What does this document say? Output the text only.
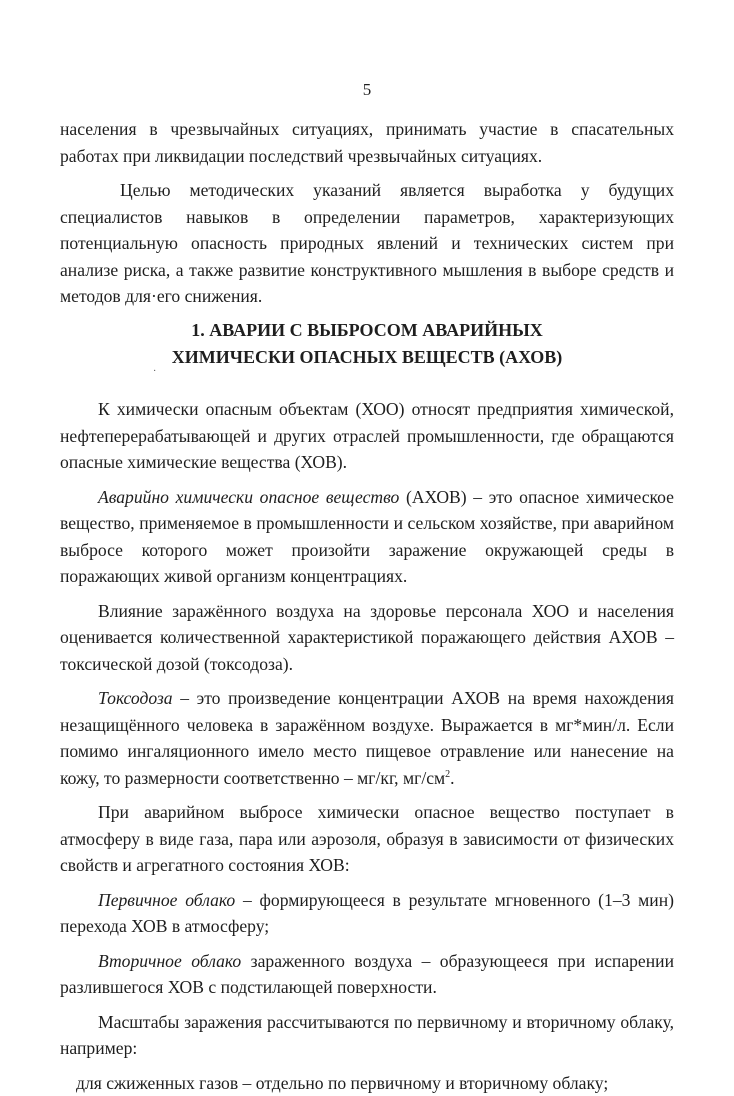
5

населения в чрезвычайных ситуациях, принимать участие в спасательных работах при ликвидации последствий чрезвычайных ситуациях.

Целью методических указаний является выработка у будущих специалистов навыков в определении параметров, характеризующих потенциальную опасность природных явлений и технических систем при анализе риска, а также развитие конструктивного мышления в выборе средств и методов для·его снижения.

1. АВАРИИ С ВЫБРОСОМ АВАРИЙНЫХ
ХИМИЧЕСКИ ОПАСНЫХ ВЕЩЕСТВ (АХОВ)
·

К химически опасным объектам (ХОО) относят предприятия химической, нефтеперерабатывающей и других отраслей промышленности, где обращаются опасные химические вещества (ХОВ).

Аварийно химически опасное вещество (АХОВ) – это опасное химическое вещество, применяемое в промышленности и сельском хозяйстве, при аварийном выбросе которого может произойти заражение окружающей среды в поражающих живой организм концентрациях.

Влияние заражённого воздуха на здоровье персонала ХОО и населения оценивается количественной характеристикой поражающего действия АХОВ – токсической дозой (токсодоза).

Токсодоза – это произведение концентрации АХОВ на время нахождения незащищённого человека в заражённом воздухе. Выражается в мг*мин/л. Если помимо ингаляционного имело место пищевое отравление или нанесение на кожу, то размерности соответственно – мг/кг, $мг/см^2$.

При аварийном выбросе химически опасное вещество поступает в атмосферу в виде газа, пара или аэрозоля, образуя в зависимости от физических свойств и агрегатного состояния ХОВ:

Первичное облако – формирующееся в результате мгновенного (1–3 мин) перехода ХОВ в атмосферу;

Вторичное облако зараженного воздуха – образующееся при испарении разлившегося ХОВ с подстилающей поверхности.

Масштабы заражения рассчитываются по первичному и вторичному облаку, например:

для сжиженных газов – отдельно по первичному и вторичному облаку;
